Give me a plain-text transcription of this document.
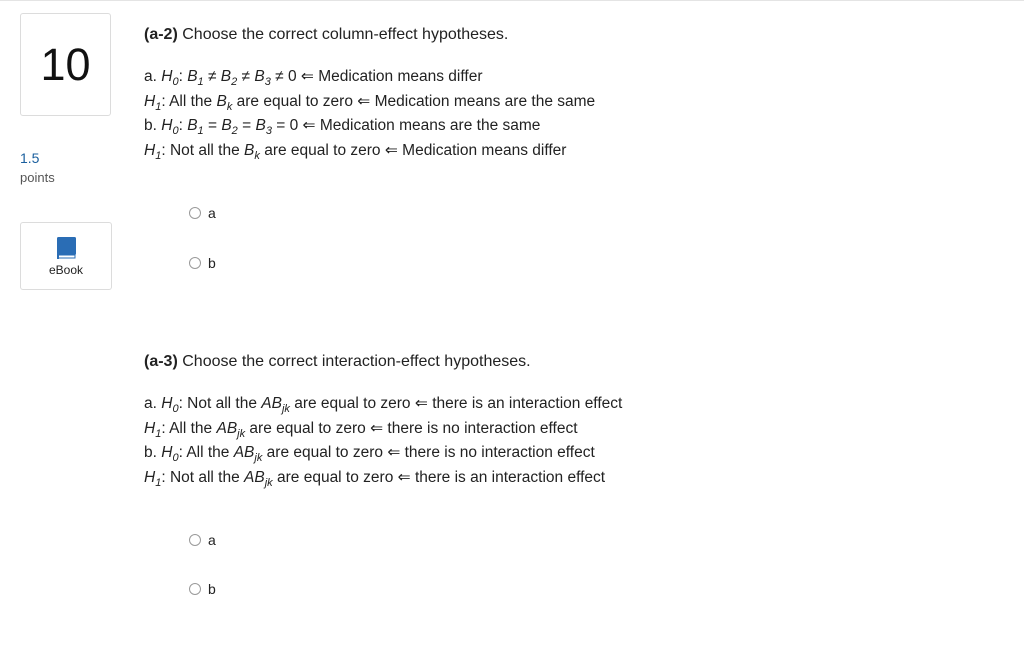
10
1.5
points
eBook

(a-2) Choose the correct column-effect hypotheses.

a. $H_0$: $B_1 \ne B_2 \ne B_3 \ne 0$ ⇐ Medication means differ
$H_1$: All the $B_k$ are equal to zero ⇐ Medication means are the same
b. $H_0$: $B_1 = B_2 = B_3 = 0$ ⇐ Medication means are the same
$H_1$: Not all the $B_k$ are equal to zero ⇐ Medication means differ
a
b

(a-3) Choose the correct interaction-effect hypotheses.

a. $H_0$: Not all the $AB_{jk}$ are equal to zero ⇐ there is an interaction effect
$H_1$: All the $AB_{jk}$ are equal to zero ⇐ there is no interaction effect
b. $H_0$: All the $AB_{jk}$ are equal to zero ⇐ there is no interaction effect
$H_1$: Not all the $AB_{jk}$ are equal to zero ⇐ there is an interaction effect
a
b
